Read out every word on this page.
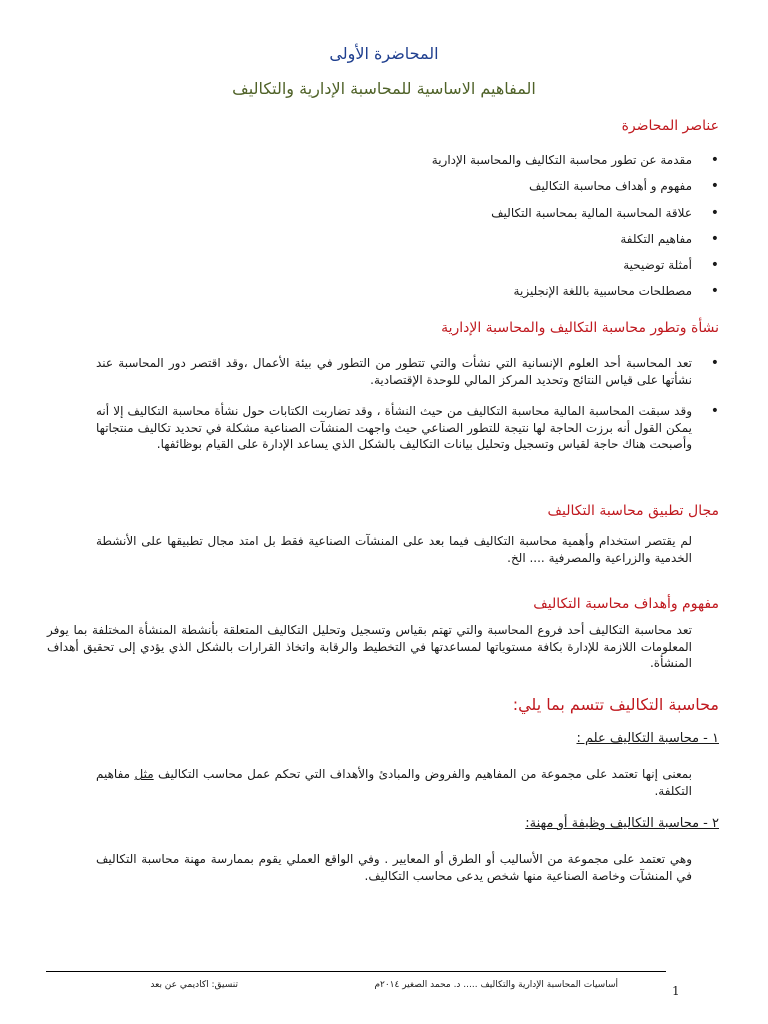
المحاضرة الأولى
المفاهيم الاساسية للمحاسبة الإدارية والتكاليف
عناصر المحاضرة
• مقدمة عن تطور محاسبة التكاليف والمحاسبة الإدارية
• مفهوم و أهداف محاسبة التكاليف
• علاقة المحاسبة المالية بمحاسبة التكاليف
• مفاهيم التكلفة
• أمثلة توضيحية
• مصطلحات محاسبية باللغة الإنجليزية
نشأة وتطور محاسبة التكاليف والمحاسبة الإدارية

• تعد المحاسبة أحد العلوم الإنسانية التي نشأت والتي تتطور من التطور في بيئة الأعمال ،وقد اقتصر دور المحاسبة عند نشأتها على قياس النتائج وتحديد المركز المالي للوحدة الإقتصادية.

• وقد سبقت المحاسبة المالية محاسبة التكاليف من حيث النشأة ، وقد تضاربت الكتابات حول نشأة محاسبة التكاليف إلا أنه يمكن القول أنه برزت الحاجة لها نتيجة للتطور الصناعي حيث واجهت المنشآت الصناعية مشكلة في تحديد تكاليف منتجاتها وأصبحت هناك حاجة لقياس وتسجيل وتحليل بيانات التكاليف بالشكل الذي يساعد الإدارة على القيام بوظائفها.

مجال تطبيق محاسبة التكاليف

لم يقتصر استخدام وأهمية محاسبة التكاليف فيما بعد على المنشآت الصناعية فقط بل امتد مجال تطبيقها على الأنشطة الخدمية والزراعية والمصرفية .... الخ.

مفهوم وأهداف محاسبة التكاليف

تعد محاسبة التكاليف أحد فروع المحاسبة والتي تهتم بقياس وتسجيل وتحليل التكاليف المتعلقة بأنشطة المنشأة المختلفة بما يوفر المعلومات اللازمة للإدارة بكافة مستوياتها لمساعدتها في التخطيط والرقابة واتخاذ القرارات بالشكل الذي يؤدي إلى تحقيق أهداف المنشأة.

محاسبة التكاليف تتسم بما يلي:
١ - محاسبة التكاليف علم :

بمعنى إنها تعتمد على مجموعة من المفاهيم والفروض والمبادئ والأهداف التي تحكم عمل محاسب التكاليف مثل مفاهيم التكلفة.

٢ - محاسبة التكاليف وظيفة أو مهنة:

وهي تعتمد على مجموعة من الأساليب أو الطرق أو المعايير . وفي الواقع العملي يقوم بممارسة مهنة محاسبة التكاليف في المنشآت وخاصة الصناعية منها شخص يدعى محاسب التكاليف.

1
أساسيات المحاسبة الإدارية والتكاليف ..... د. محمد الصغير ٢٠١٤م
تنسيق: اكاديمي عن بعد
